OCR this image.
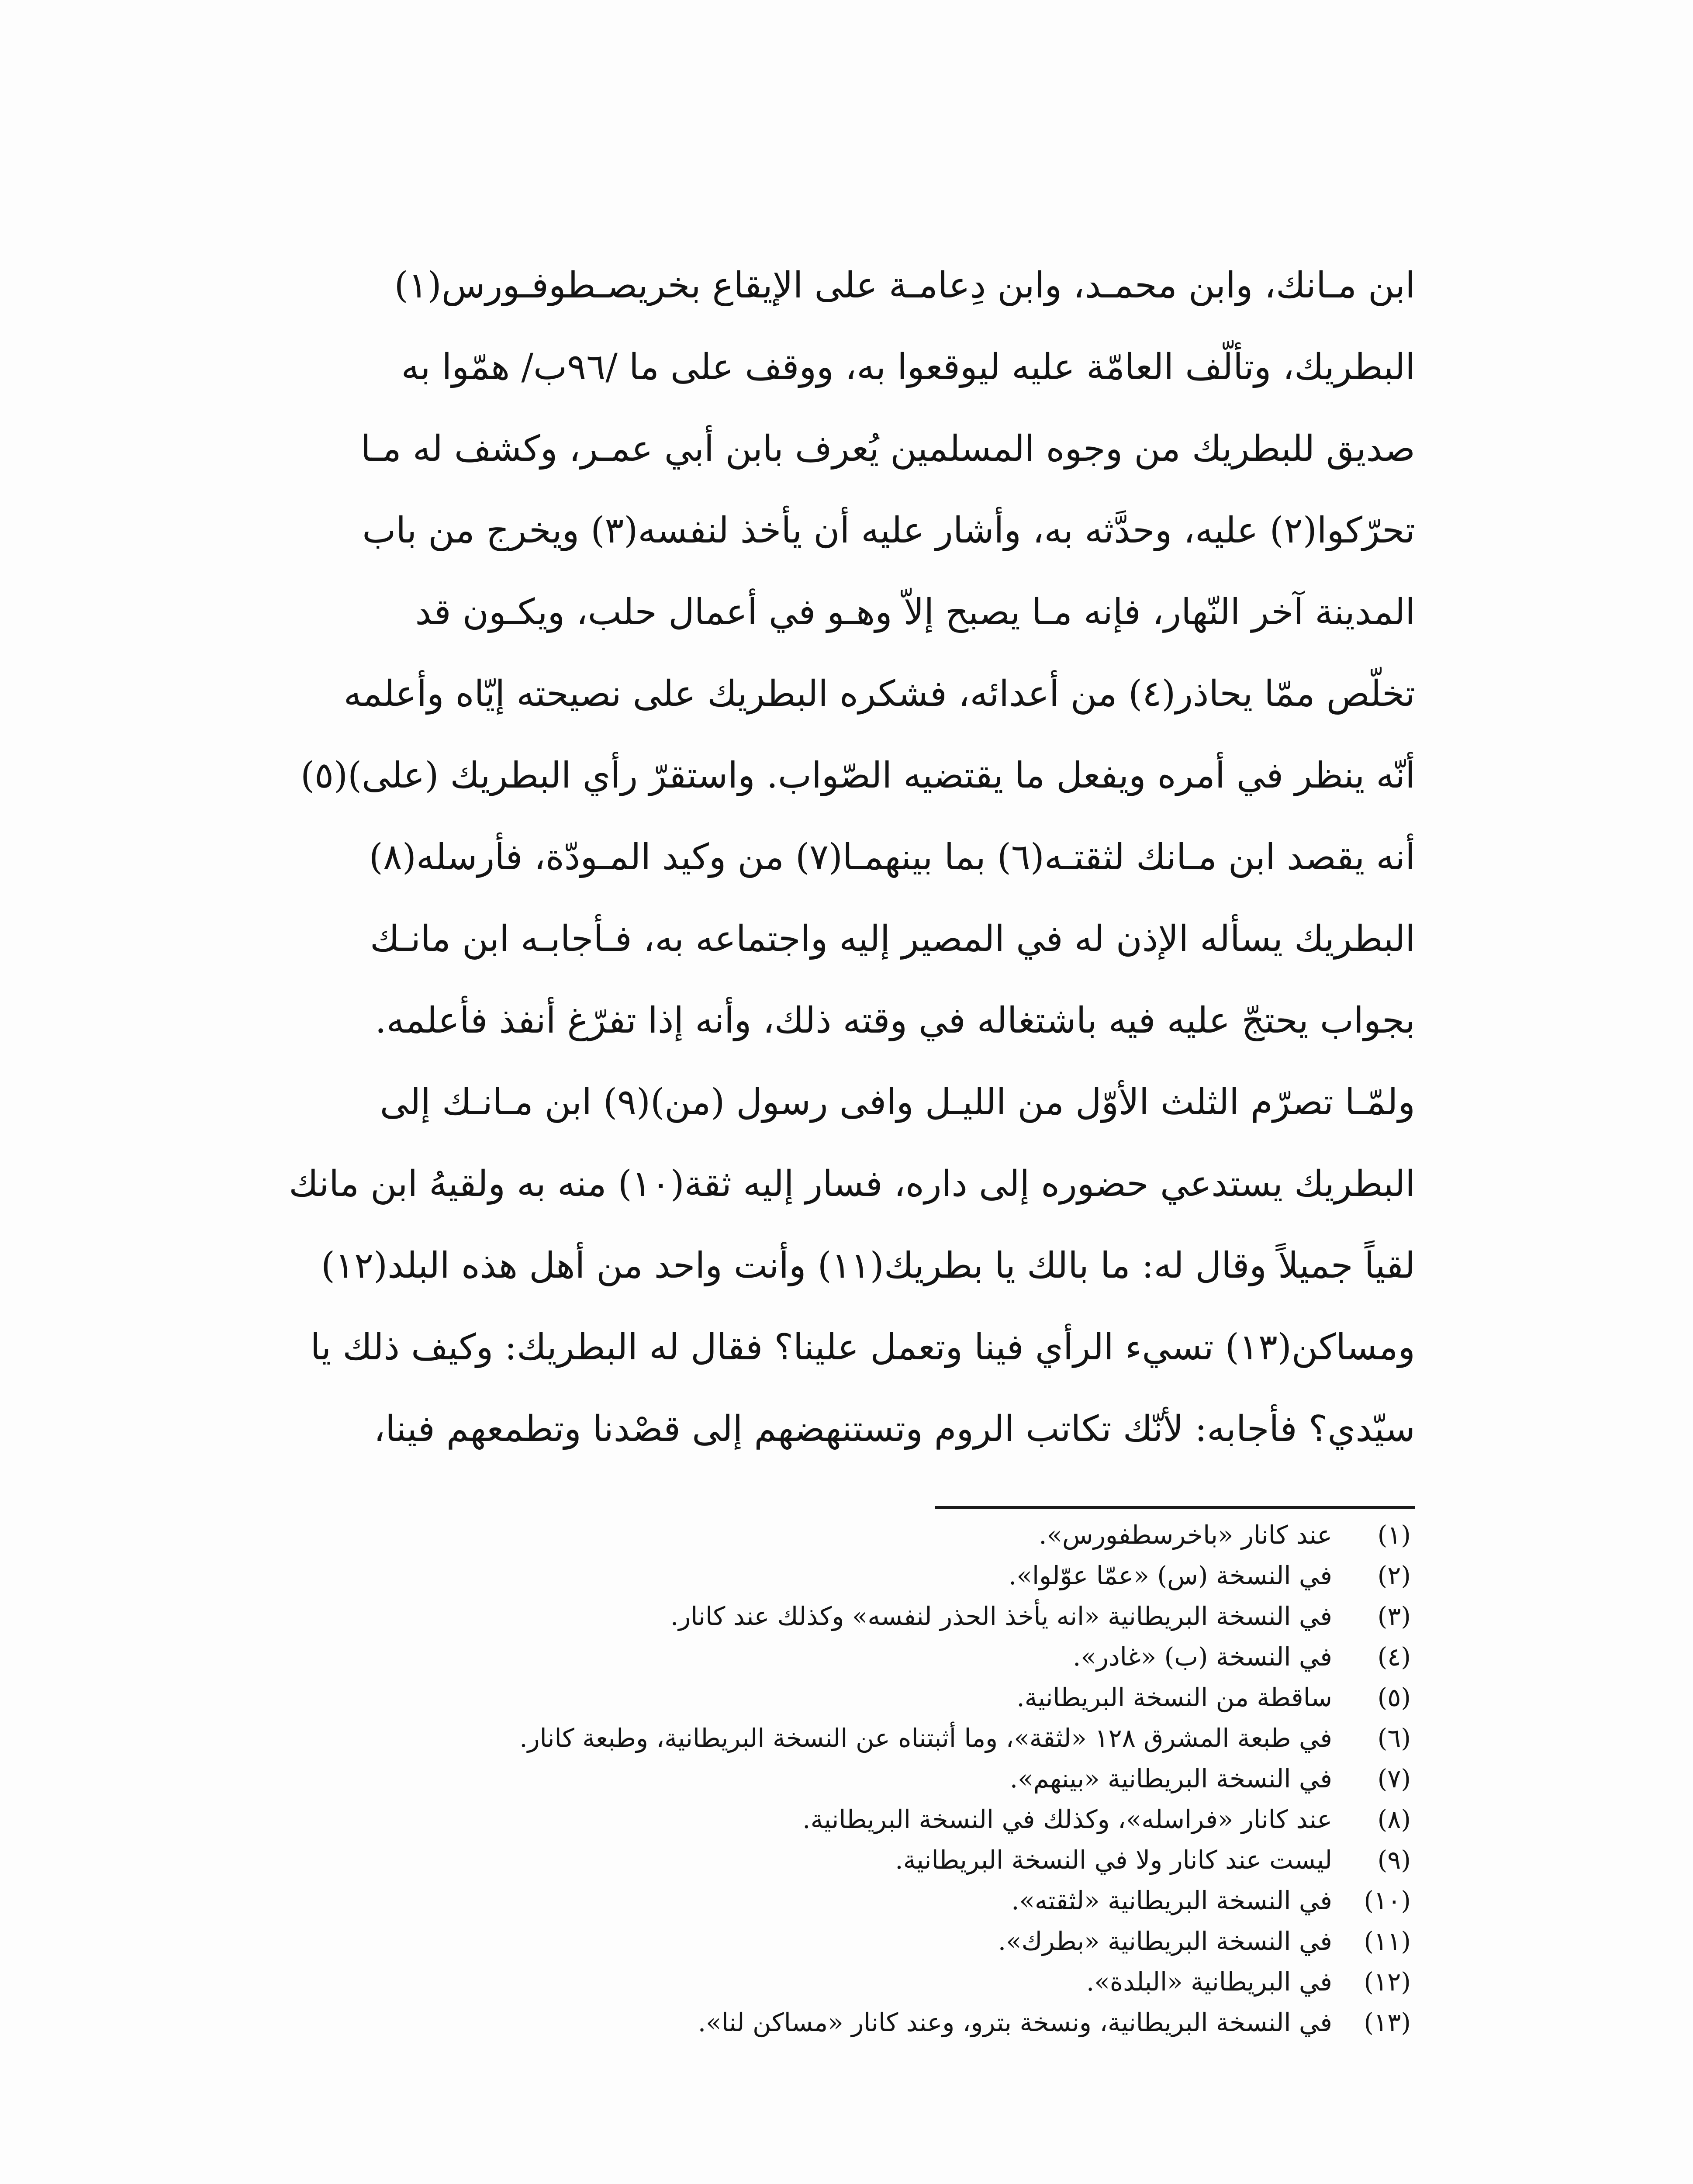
ابن مـانك، وابن محمـد، وابن دِعامـة على الإيقاع بخريصـطوفـورس(١)
البطريك، وتألّف العامّة عليه ليوقعوا به، ووقف على ما /٩٦ب/ همّوا به
صديق للبطريك من وجوه المسلمين يُعرف بابن أبي عمـر، وكشف له مـا
تحرّكوا(٢) عليه، وحدَّثه به، وأشار عليه أن يأخذ لنفسه(٣) ويخرج من باب
المدينة آخر النّهار، فإنه مـا يصبح إلاّ وهـو في أعمال حلب، ويكـون قد
تخلّص ممّا يحاذر(٤) من أعدائه، فشكره البطريك على نصيحته إيّاه وأعلمه
أنّه ينظر في أمره ويفعل ما يقتضيه الصّواب. واستقرّ رأي البطريك (على)(٥)
أنه يقصد ابن مـانك لثقتـه(٦) بما بينهمـا(٧) من وكيد المـودّة، فأرسله(٨)
البطريك يسأله الإذن له في المصير إليه واجتماعه به، فـأجابـه ابن مانـك
بجواب يحتجّ عليه فيه باشتغاله في وقته ذلك، وأنه إذا تفرّغ أنفذ فأعلمه.
ولمّـا تصرّم الثلث الأوّل من الليـل وافى رسول (من)(٩) ابن مـانـك إلى
البطريك يستدعي حضوره إلى داره، فسار إليه ثقة(١٠) منه به ولقيهُ ابن مانك
لقياً جميلاً وقال له: ما بالك يا بطريك(١١) وأنت واحد من أهل هذه البلد(١٢)
ومساكن(١٣) تسيء الرأي فينا وتعمل علينا؟ فقال له البطريك: وكيف ذلك يا
سيّدي؟ فأجابه: لأنّك تكاتب الروم وتستنهضهم إلى قصْدنا وتطمعهم فينا،
(١)عند كانار «باخرسطفورس».
(٢)في النسخة (س) «عمّا عوّلوا».
(٣)في النسخة البريطانية «انه يأخذ الحذر لنفسه» وكذلك عند كانار.
(٤)في النسخة (ب) «غادر».
(٥)ساقطة من النسخة البريطانية.
(٦)في طبعة المشرق ١٢٨ «لثقة»، وما أثبتناه عن النسخة البريطانية، وطبعة كانار.
(٧)في النسخة البريطانية «بينهم».
(٨)عند كانار «فراسله»، وكذلك في النسخة البريطانية.
(٩)ليست عند كانار ولا في النسخة البريطانية.
(١٠)في النسخة البريطانية «لثقته».
(١١)في النسخة البريطانية «بطرك».
(١٢)في البريطانية «البلدة».
(١٣)في النسخة البريطانية، ونسخة بترو، وعند كانار «مساكن لنا».
